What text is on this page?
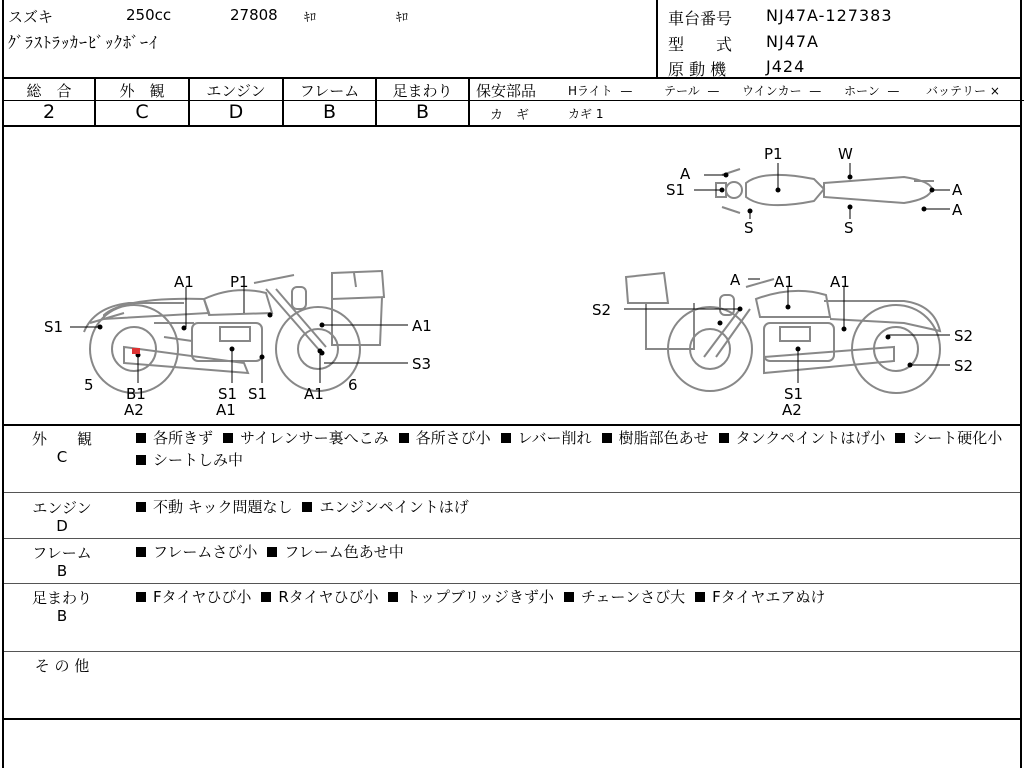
スズキ	250cc	27808 ｷﾛ	ｷﾛ
ｸﾞﾗｽﾄﾗｯｶｰﾋﾞｯｸﾎﾞｰｲ
車台番号 NJ47A-127383
型　　式 NJ47A
原 動 機 J424
総　合	外　観	エンジン	フレーム	足まわり
2	C	D	B	B
保安部品	Hライト —	テール — ウインカー — ホーン — バッテリー ×
カ　ギ	カギ 1
W
P1
A
S1	A
A
S	S
A1 P1
S1	A1
S3
5 B1
A2
S1
A1
S1 A1 6
A A1 A1
S2
S2
S2
S1
A2
外　　観
C
各所きず サイレンサー裏へこみ 各所さび小 レバー削れ 樹脂部色あせ タンクペイントはげ小 シート硬化小シートしみ中
エンジン
D
不動 キック問題なし エンジンペイントはげ
フレーム
B
フレームさび小 フレーム色あせ中
足まわり
B
Fタイヤひび小 Rタイヤひび小 トップブリッジきず小 チェーンさび大 Fタイヤエアぬけ
そ の 他
